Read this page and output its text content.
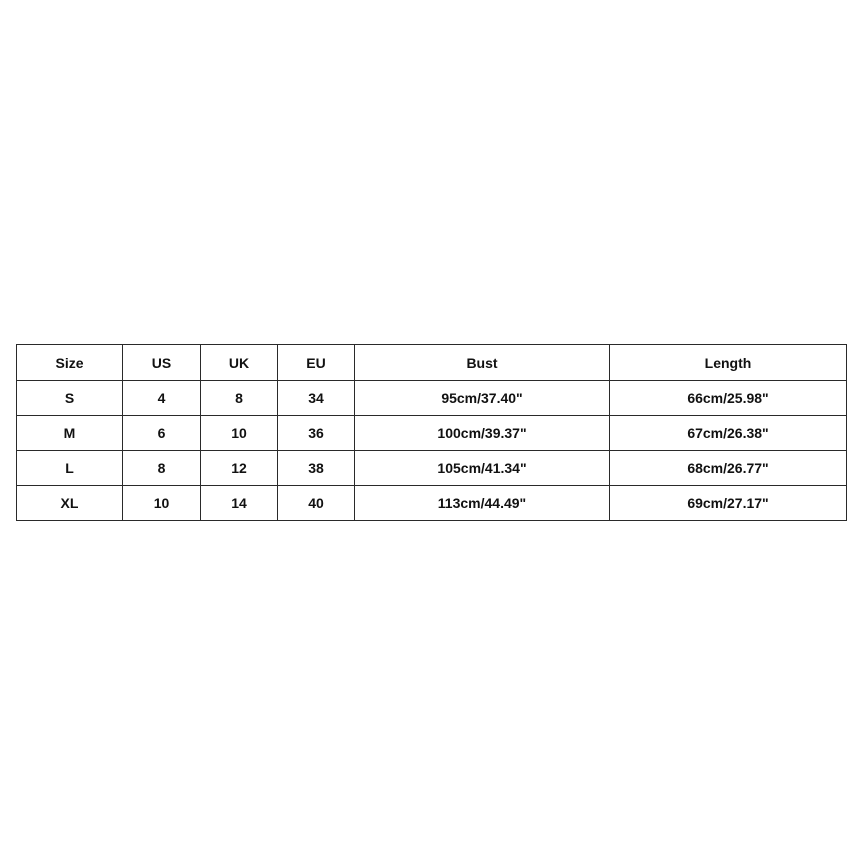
Size	US	UK	EU	Bust	Length
S	4	8	34	95cm/37.40"	66cm/25.98"
M	6	10	36	100cm/39.37"	67cm/26.38"
L	8	12	38	105cm/41.34"	68cm/26.77"
XL	10	14	40	113cm/44.49"	69cm/27.17"
